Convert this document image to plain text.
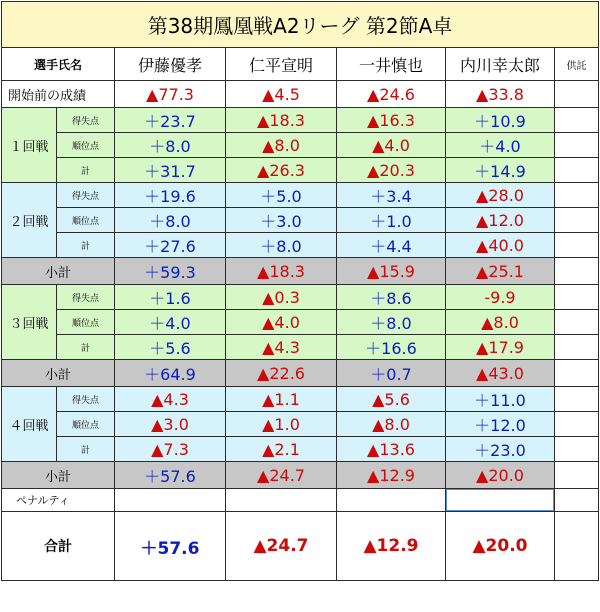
第38期鳳凰戦A2リーグ 第2節A卓						
選手氏名		伊藤優孝	仁平宣明	一井慎也	内川幸太郎	供託
開始前の成績		▲77.3	▲4.5	▲24.6	▲33.8	
１回戦	得失点	＋23.7	▲18.3	▲16.3	＋10.9	
	順位点	＋8.0	▲8.0	▲4.0	＋4.0	
	計	＋31.7	▲26.3	▲20.3	＋14.9	
２回戦	得失点	＋19.6	＋5.0	＋3.4	▲28.0	
	順位点	＋8.0	＋3.0	＋1.0	▲12.0	
	計	＋27.6	＋8.0	＋4.4	▲40.0	
小計		＋59.3	▲18.3	▲15.9	▲25.1	
３回戦	得失点	＋1.6	▲0.3	＋8.6	-9.9	
	順位点	＋4.0	▲4.0	＋8.0	▲8.0	
	計	＋5.6	▲4.3	＋16.6	▲17.9	
小計		＋64.9	▲22.6	＋0.7	▲43.0	
４回戦	得失点	▲4.3	▲1.1	▲5.6	＋11.0	
	順位点	▲3.0	▲1.0	▲8.0	＋12.0	
	計	▲7.3	▲2.1	▲13.6	＋23.0	
小計		＋57.6	▲24.7	▲12.9	▲20.0	
ペナルティ						
合計		＋57.6	▲24.7	▲12.9	▲20.0	
